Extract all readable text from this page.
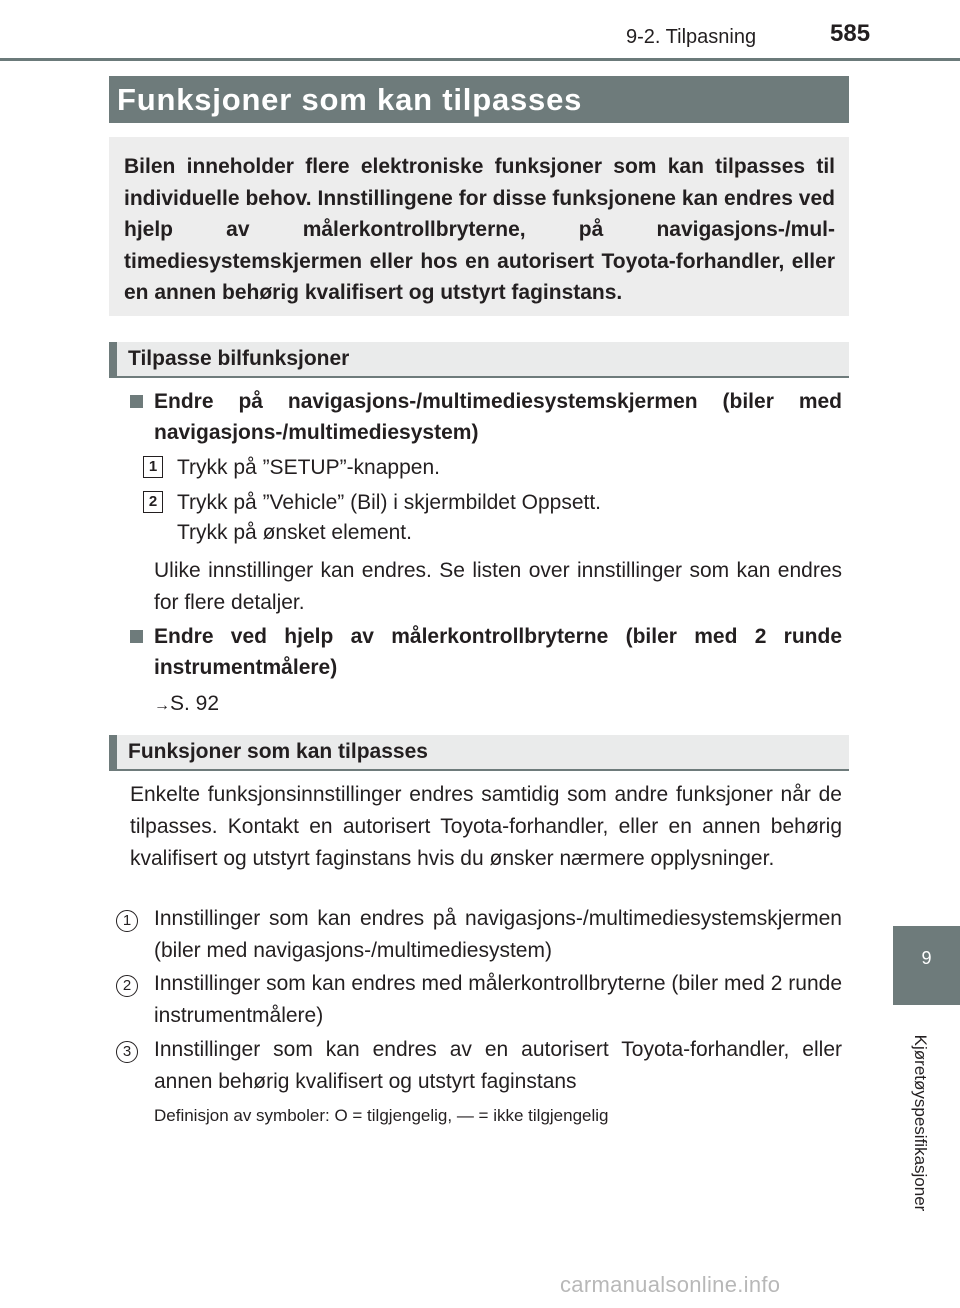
9-2. Tilpasning	585
Funksjoner som kan tilpasses
Bilen inneholder flere elektroniske funksjoner som kan tilpasses til individuelle behov. Innstillingene for disse funksjonene kan endres ved hjelp av målerkontrollbryterne, på navigasjons-/multimediesystemskjermen eller hos en autorisert Toyota-forhandler, eller en annen behørig kvalifisert og utstyrt faginstans.
Tilpasse bilfunksjoner
Endre på navigasjons-/multimediesystemskjermen (biler med navigasjons-/multimediesystem)
1 Trykk på ”SETUP”-knappen.
2 Trykk på ”Vehicle” (Bil) i skjermbildet Oppsett.
Trykk på ønsket element.
Ulike innstillinger kan endres. Se listen over innstillinger som kan endres for flere detaljer.
Endre ved hjelp av målerkontrollbryterne (biler med 2 runde instrumentmålere)
→S. 92
Funksjoner som kan tilpasses
Enkelte funksjonsinnstillinger endres samtidig som andre funksjoner når de tilpasses. Kontakt en autorisert Toyota-forhandler, eller en annen behørig kvalifisert og utstyrt faginstans hvis du ønsker nærmere opplysninger.
1	Innstillinger som kan endres på navigasjons-/multimediesystemskjermen (biler med navigasjons-/multimediesystem)
2	Innstillinger som kan endres med målerkontrollbryterne (biler med 2 runde instrumentmålere)
3	Innstillinger som kan endres av en autorisert Toyota-forhandler, eller annen behørig kvalifisert og utstyrt faginstans
Definisjon av symboler: O = tilgjengelig, — = ikke tilgjengelig
9
Kjøretøyspesifikasjoner
carmanualsonline.info
